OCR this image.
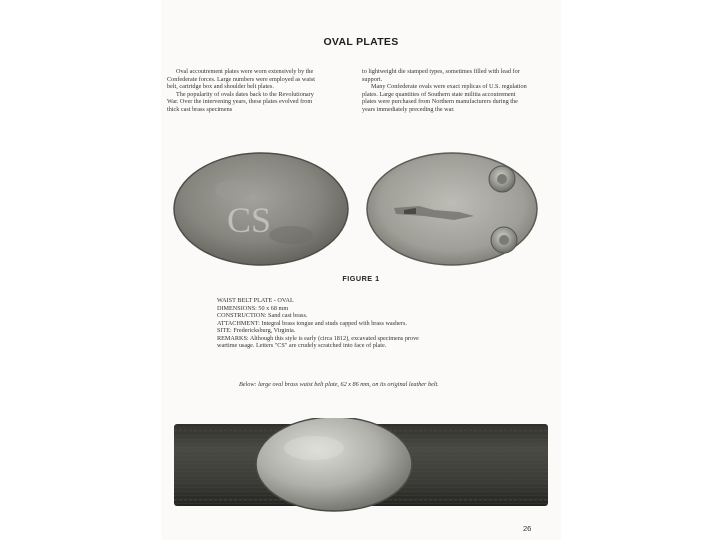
OVAL PLATES

Oval accoutrement plates were worn extensively by the Confederate forces. Large numbers were employed as waist belt, cartridge box and shoulder belt plates.

The popularity of ovals dates back to the Revolutionary War. Over the intervening years, these plates evolved from thick cast brass specimens

to lightweight die stamped types, sometimes filled with lead for support.

Many Confederate ovals were exact replicas of U.S. regulation plates. Large quantities of Southern state militia accoutrement plates were purchased from Northern manufacturers during the years immediately preceding the war.

CS
FIGURE 1
WAIST BELT PLATE - OVAL
DIMENSIONS: 50 x 68 mm
CONSTRUCTION: Sand cast brass.
ATTACHMENT: Integral brass tongue and studs capped with brass washers.
SITE: Fredericksburg, Virginia.
REMARKS: Although this style is early (circa 1812), excavated specimens prove
wartime usage. Letters "CS" are crudely scratched into face of plate.
Below: large oval brass waist belt plate, 62 x 86 mm, on its original leather belt.
26
